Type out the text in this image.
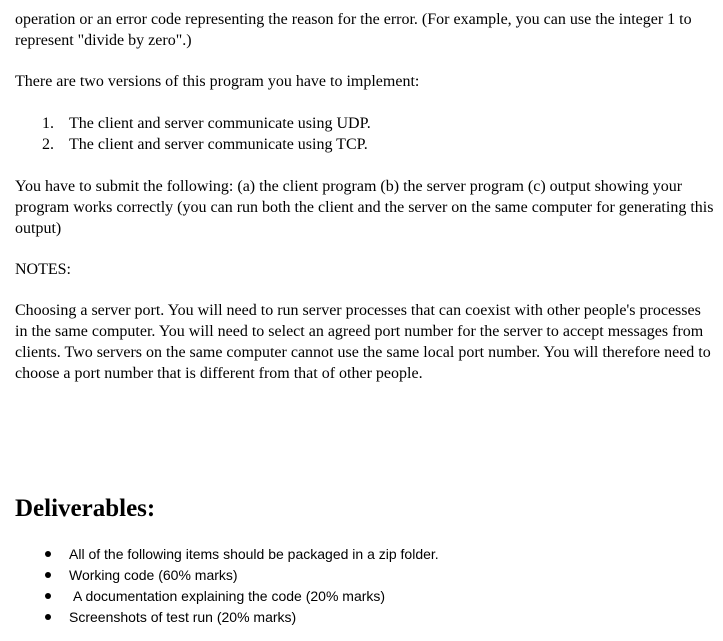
operation or an error code representing the reason for the error. (For example, you can use the integer 1 to represent "divide by zero".)

There are two versions of this program you have to implement:

1. The client and server communicate using UDP.
2. The client and server communicate using TCP.

You have to submit the following: (a) the client program (b) the server program (c) output showing your program works correctly (you can run both the client and the server on the same computer for generating this output)

NOTES:

Choosing a server port. You will need to run server processes that can coexist with other people's processes in the same computer. You will need to select an agreed port number for the server to accept messages from clients. Two servers on the same computer cannot use the same local port number. You will therefore need to choose a port number that is different from that of other people.

Deliverables:
All of the following items should be packaged in a zip folder.
Working code (60% marks)
A documentation explaining the code (20% marks)
Screenshots of test run (20% marks)
